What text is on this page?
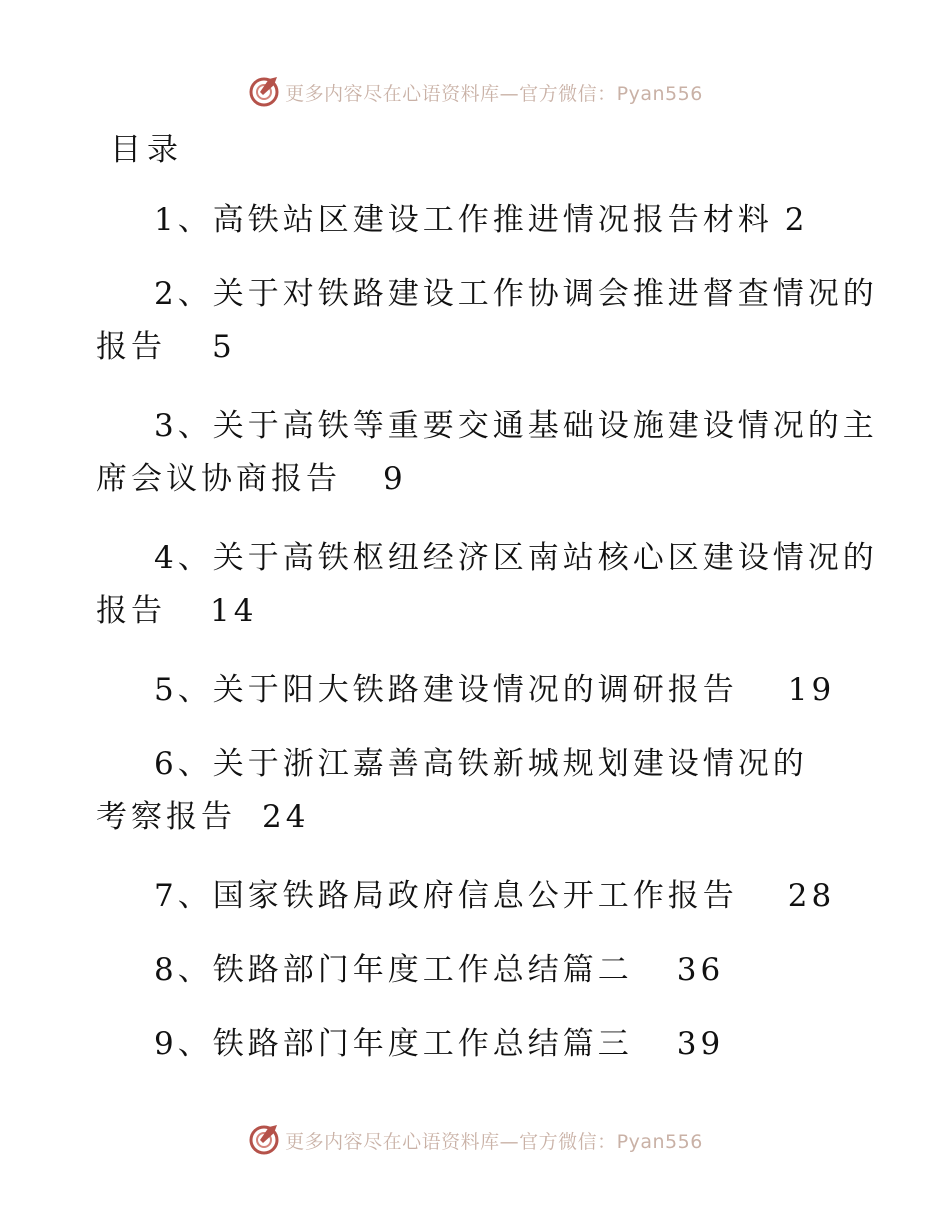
更多内容尽在心语资料库—官方微信：Pyan556
目录
1、高铁站区建设工作推进情况报告材料 2
2、关于对铁路建设工作协调会推进督查情况的
报告 5
3、关于高铁等重要交通基础设施建设情况的主
席会议协商报告 9
4、关于高铁枢纽经济区南站核心区建设情况的
报告 14
5、关于阳大铁路建设情况的调研报告 19
6、关于浙江嘉善高铁新城规划建设情况的
考察报告 24
7、国家铁路局政府信息公开工作报告 28
8、铁路部门年度工作总结篇二 36
9、铁路部门年度工作总结篇三 39
更多内容尽在心语资料库—官方微信：Pyan556
